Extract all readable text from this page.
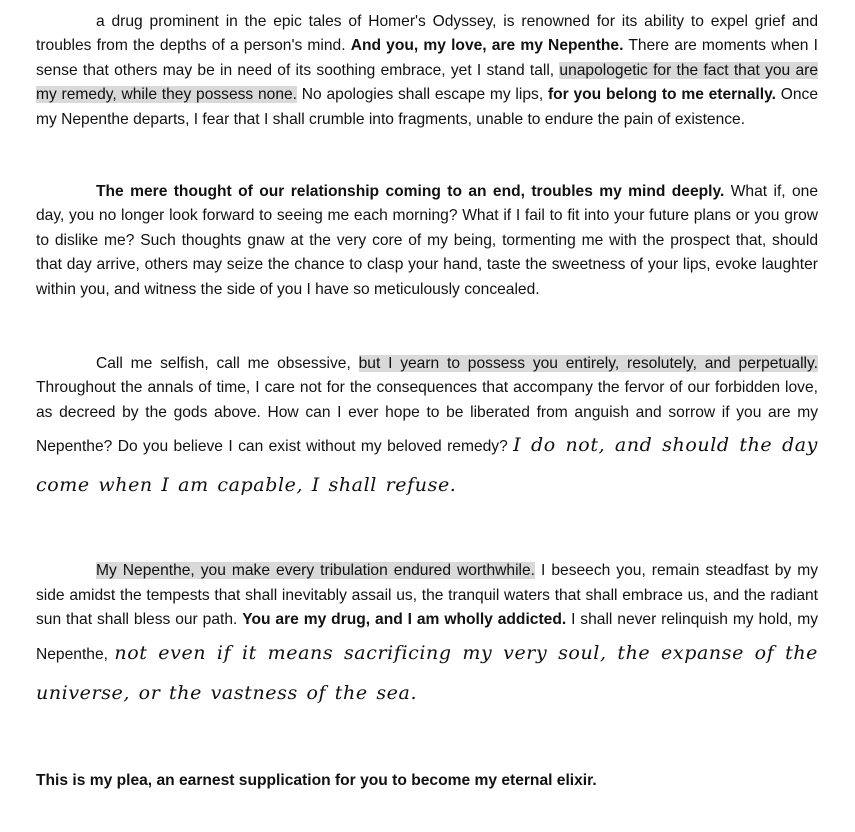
a drug prominent in the epic tales of Homer's Odyssey, is renowned for its ability to expel grief and troubles from the depths of a person's mind. And you, my love, are my Nepenthe. There are moments when I sense that others may be in need of its soothing embrace, yet I stand tall, unapologetic for the fact that you are my remedy, while they possess none. No apologies shall escape my lips, for you belong to me eternally. Once my Nepenthe departs, I fear that I shall crumble into fragments, unable to endure the pain of existence.

The mere thought of our relationship coming to an end, troubles my mind deeply. What if, one day, you no longer look forward to seeing me each morning? What if I fail to fit into your future plans or you grow to dislike me? Such thoughts gnaw at the very core of my being, tormenting me with the prospect that, should that day arrive, others may seize the chance to clasp your hand, taste the sweetness of your lips, evoke laughter within you, and witness the side of you I have so meticulously concealed.

Call me selfish, call me obsessive, but I yearn to possess you entirely, resolutely, and perpetually. Throughout the annals of time, I care not for the consequences that accompany the fervor of our forbidden love, as decreed by the gods above. How can I ever hope to be liberated from anguish and sorrow if you are my Nepenthe? Do you believe I can exist without my beloved remedy? I do not, and should the day come when I am capable, I shall refuse.

My Nepenthe, you make every tribulation endured worthwhile. I beseech you, remain steadfast by my side amidst the tempests that shall inevitably assail us, the tranquil waters that shall embrace us, and the radiant sun that shall bless our path. You are my drug, and I am wholly addicted. I shall never relinquish my hold, my Nepenthe, not even if it means sacrificing my very soul, the expanse of the universe, or the vastness of the sea.

This is my plea, an earnest supplication for you to become my eternal elixir.
